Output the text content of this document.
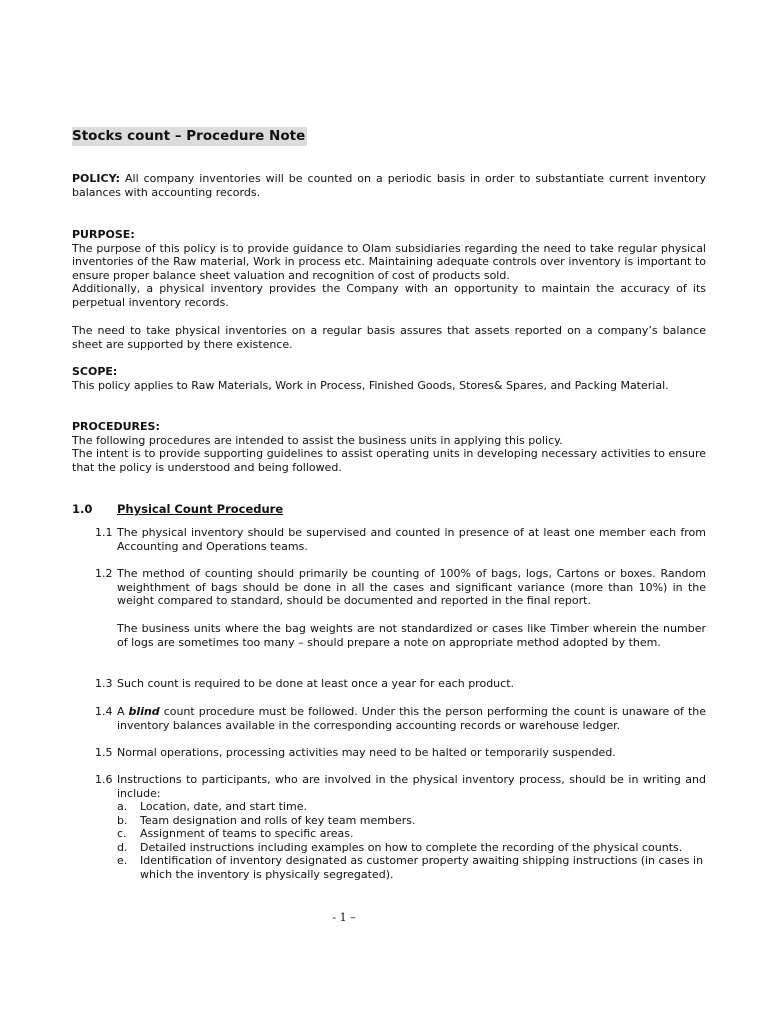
Stocks count – Procedure Note

POLICY: All company inventories will be counted on a periodic basis in order to substantiate current inventory balances with accounting records.

PURPOSE:

The purpose of this policy is to provide guidance to Olam subsidiaries regarding the need to take regular physical inventories of the Raw material, Work in process etc. Maintaining adequate controls over inventory is important to ensure proper balance sheet valuation and recognition of cost of products sold.

Additionally, a physical inventory provides the Company with an opportunity to maintain the accuracy of its perpetual inventory records.

The need to take physical inventories on a regular basis assures that assets reported on a company’s balance sheet are supported by there existence.

SCOPE:

This policy applies to Raw Materials, Work in Process, Finished Goods, Stores& Spares, and Packing Material.

PROCEDURES:

The following procedures are intended to assist the business units in applying this policy.

The intent is to provide supporting guidelines to assist operating units in developing necessary activities to ensure that the policy is understood and being followed.

1.0 Physical Count Procedure
1.1 The physical inventory should be supervised and counted in presence of at least one member each from Accounting and Operations teams.
1.2 The method of counting should primarily be counting of 100% of bags, logs, Cartons or boxes. Random weighthment of bags should be done in all the cases and significant variance (more than 10%) in the weight compared to standard, should be documented and reported in the final report.
The business units where the bag weights are not standardized or cases like Timber wherein the number of logs are sometimes too many – should prepare a note on appropriate method adopted by them.
1.3 Such count is required to be done at least once a year for each product.
1.4 A blind count procedure must be followed. Under this the person performing the count is unaware of the inventory balances available in the corresponding accounting records or warehouse ledger.
1.5 Normal operations, processing activities may need to be halted or temporarily suspended.
1.6 Instructions to participants, who are involved in the physical inventory process, should be in writing and include:
a. Location, date, and start time.
b. Team designation and rolls of key team members.
c. Assignment of teams to specific areas.
d. Detailed instructions including examples on how to complete the recording of the physical counts.
e. Identification of inventory designated as customer property awaiting shipping instructions (in cases in which the inventory is physically segregated).
- 1 –
